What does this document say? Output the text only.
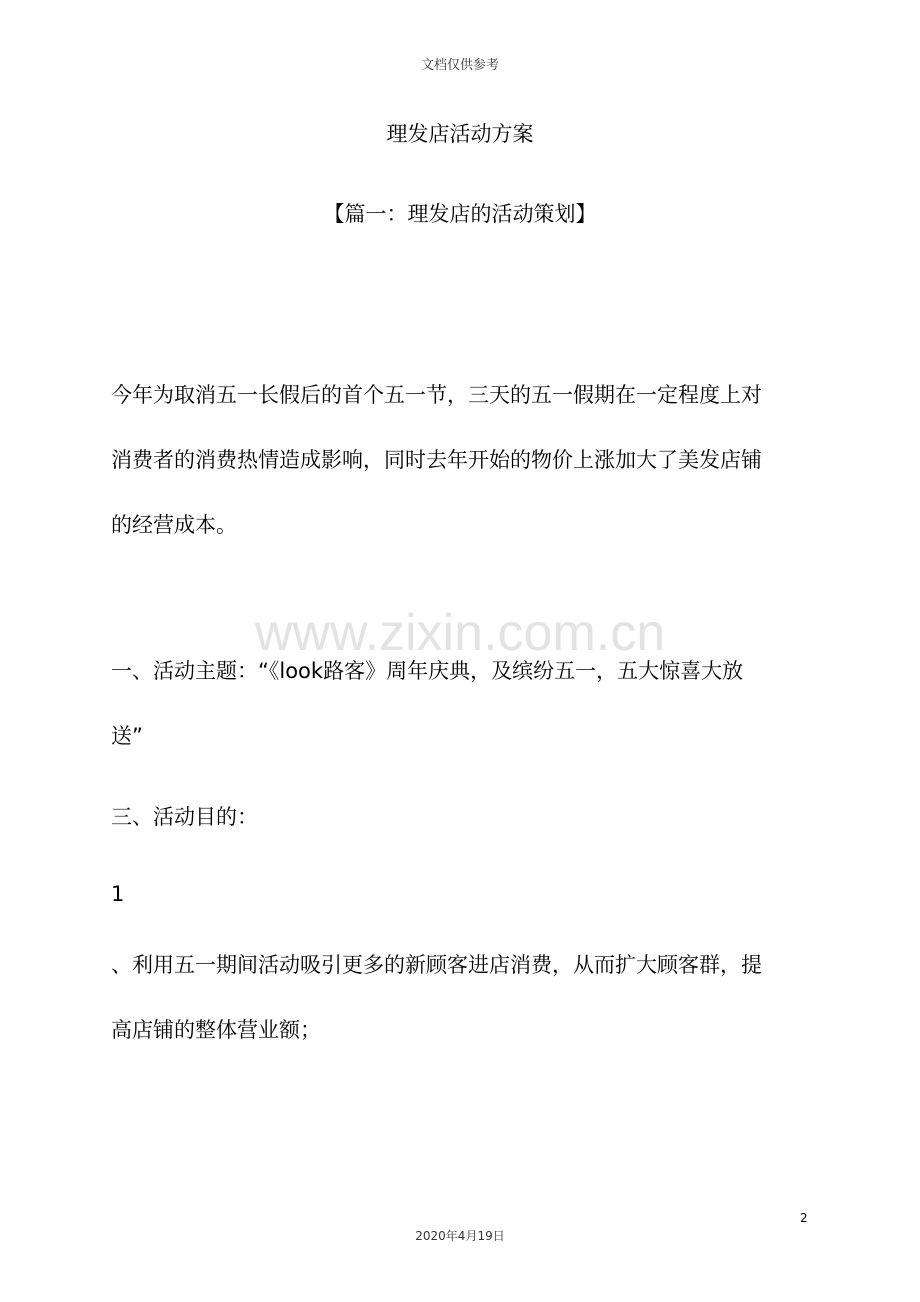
文档仅供参考
理发店活动方案
【篇一：理发店的活动策划】
今年为取消五一长假后的首个五一节，三天的五一假期在一定程度上对
消费者的消费热情造成影响，同时去年开始的物价上涨加大了美发店铺
的经营成本。
www.zixin.com.cn
一、活动主题：“《look路客》周年庆典，及缤纷五一，五大惊喜大放
送”
三、活动目的：
1
、利用五一期间活动吸引更多的新顾客进店消费，从而扩大顾客群，提
高店铺的整体营业额；
2
2020年4月19日
